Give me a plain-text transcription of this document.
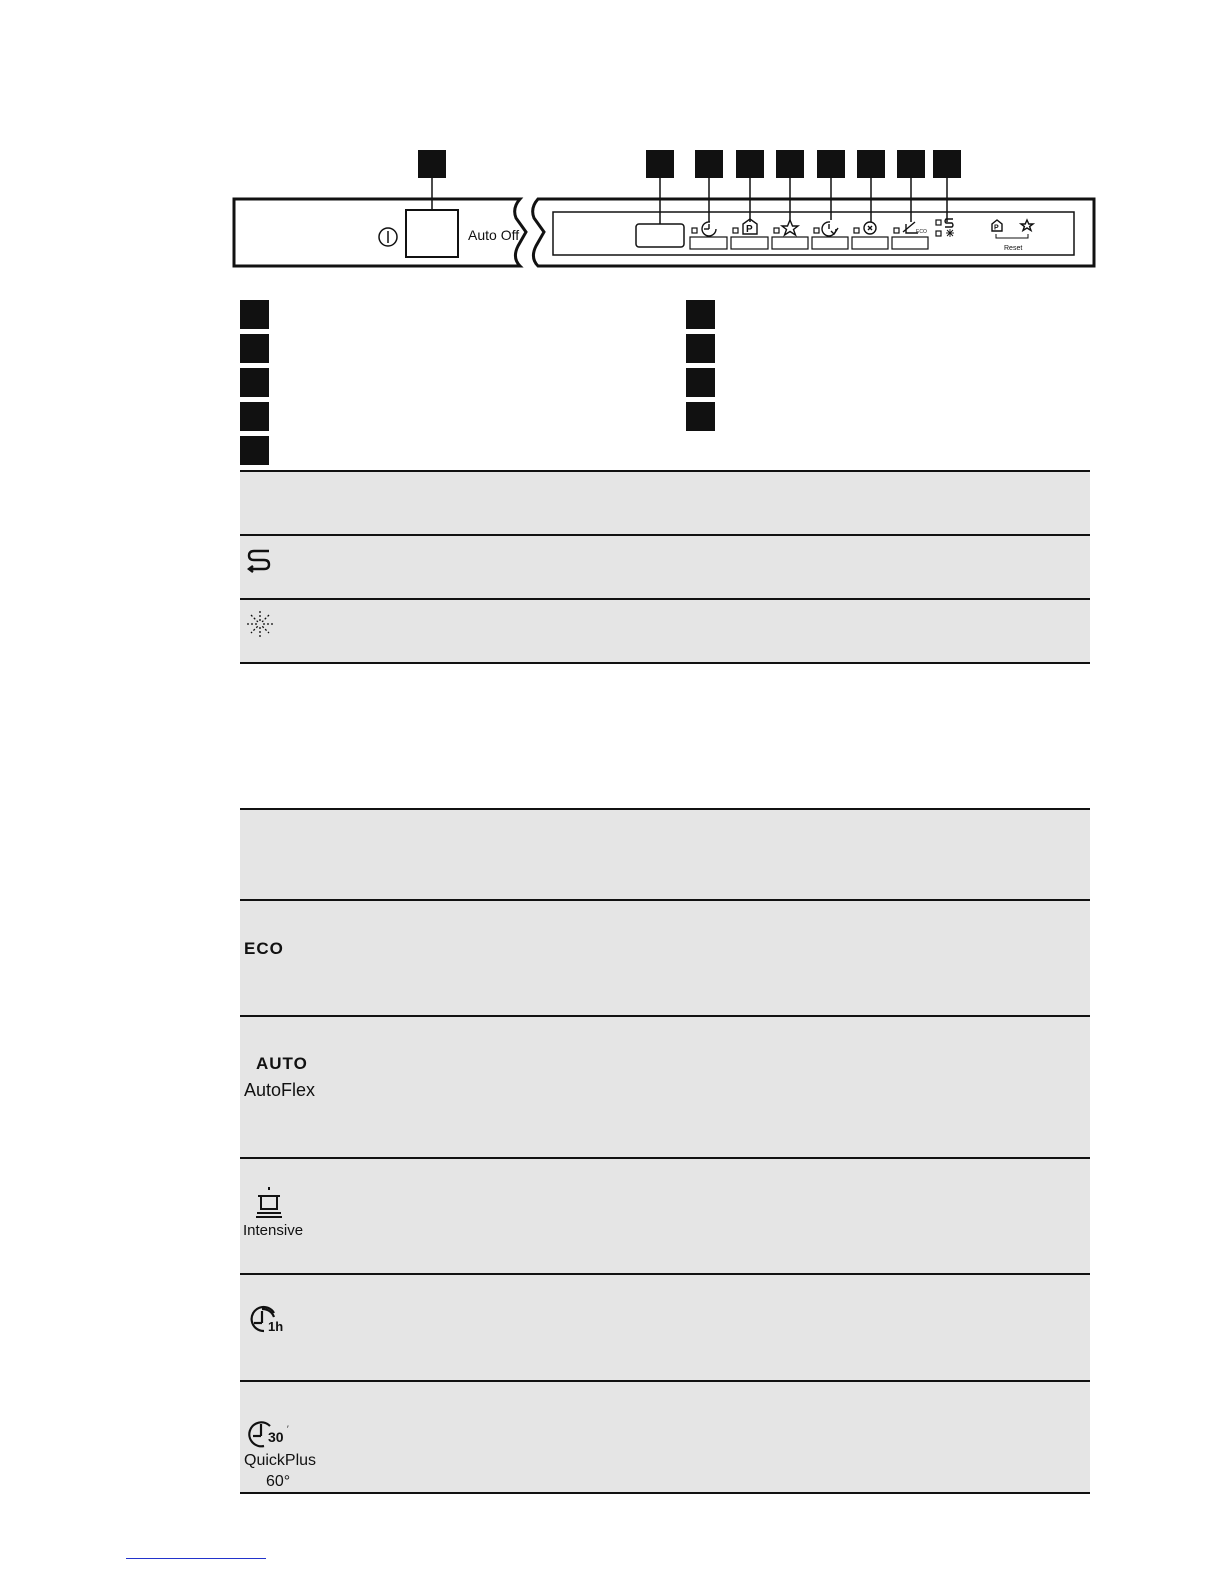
Auto Off	P	ECO
P
Reset
ECO
AUTO
AutoFlex
Intensive
1h
30 ′
QuickPlus
60°
